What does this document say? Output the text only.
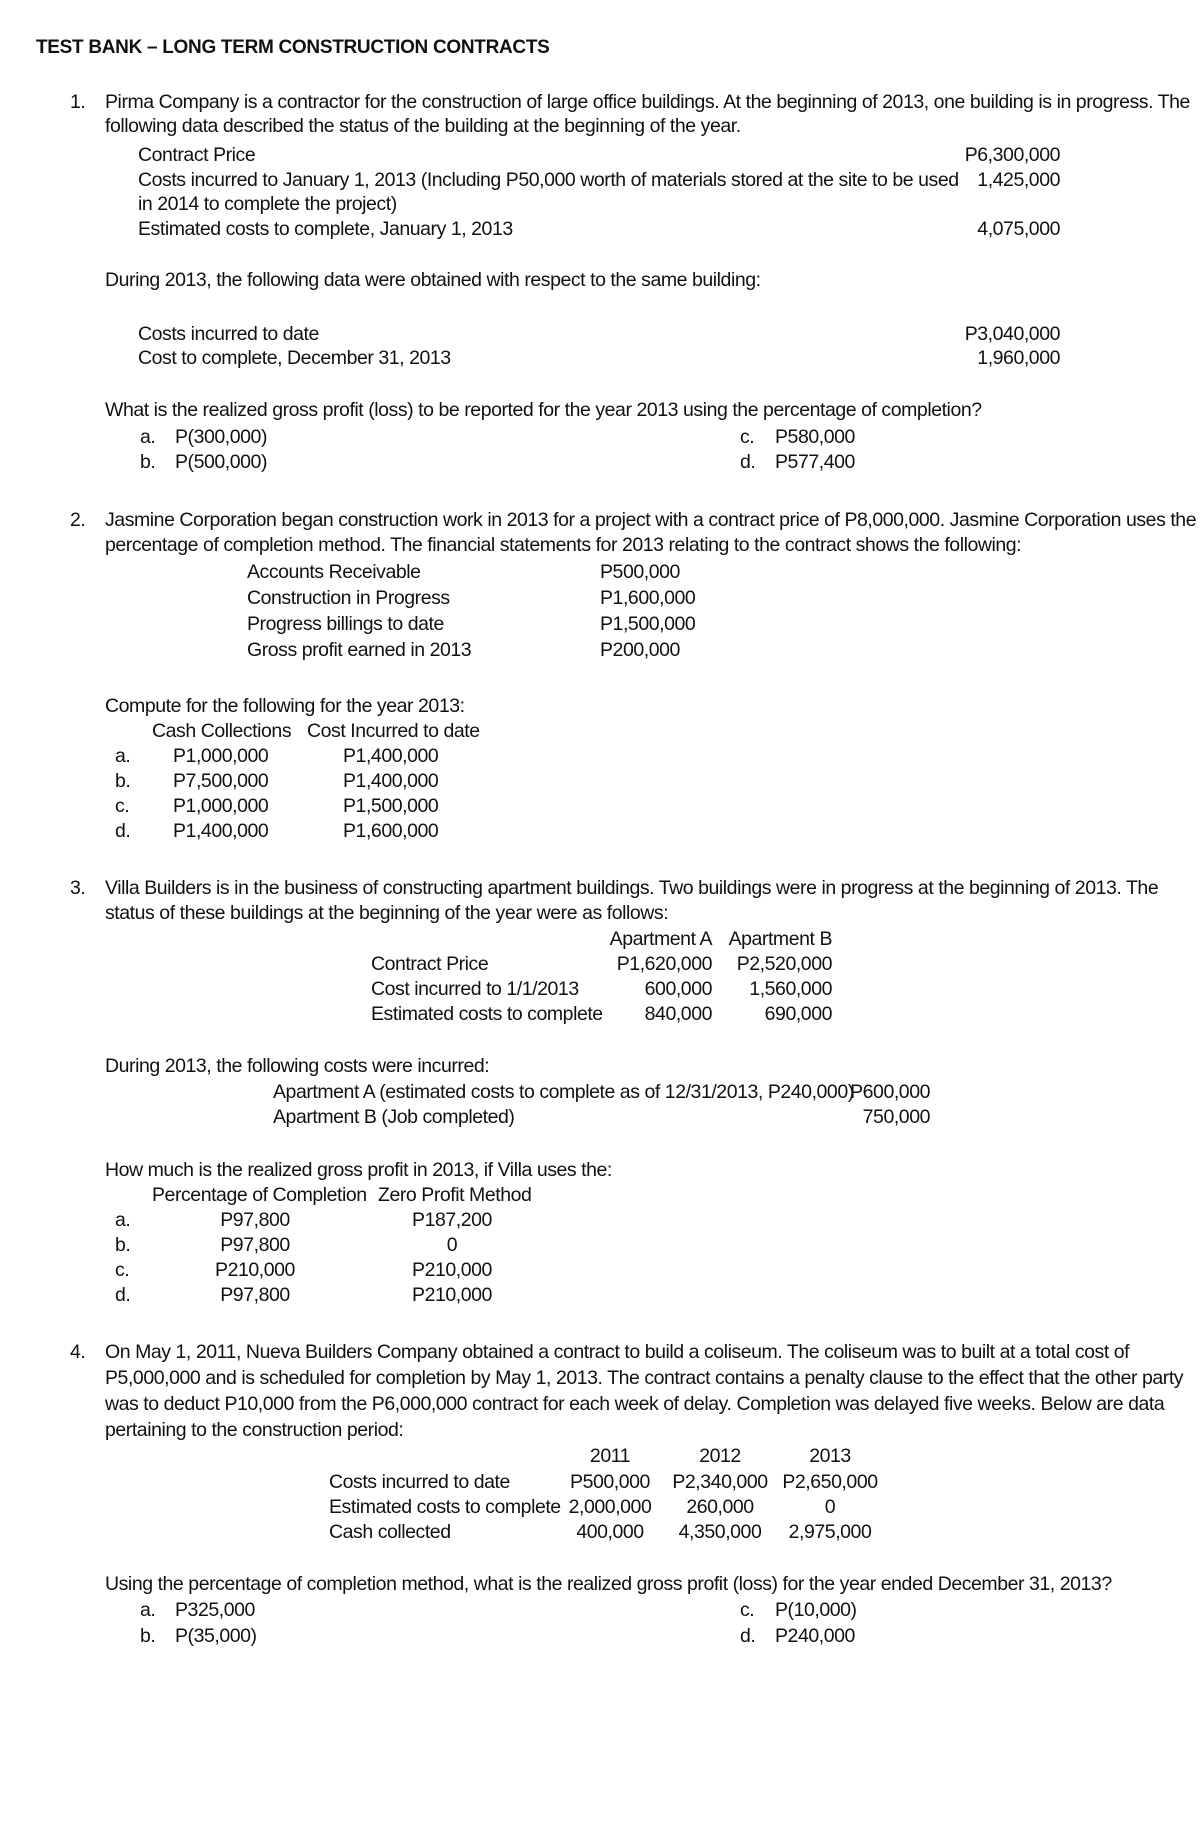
TEST BANK – LONG TERM CONSTRUCTION CONTRACTS
1. Pirma Company is a contractor for the construction of large office buildings. At the beginning of 2013, one building is in progress. The
following data described the status of the building at the beginning of the year.
Contract Price	P6,300,000
Costs incurred to January 1, 2013 (Including P50,000 worth of materials stored at the site to be used
in 2014 to complete the project)
1,425,000
Estimated costs to complete, January 1, 2013	4,075,000
During 2013, the following data were obtained with respect to the same building:
Costs incurred to date	P3,040,000
Cost to complete, December 31, 2013	1,960,000
What is the realized gross profit (loss) to be reported for the year 2013 using the percentage of completion?
a. P(300,000)
b. P(500,000)
c. P580,000
d. P577,400
2. Jasmine Corporation began construction work in 2013 for a project with a contract price of P8,000,000. Jasmine Corporation uses the
percentage of completion method. The financial statements for 2013 relating to the contract shows the following:
Accounts Receivable	P500,000
Construction in Progress	P1,600,000
Progress billings to date	P1,500,000
Gross profit earned in 2013	P200,000
Compute for the following for the year 2013:
Cash Collections Cost Incurred to date
a. P1,000,000	P1,400,000
b. P7,500,000	P1,400,000
c. P1,000,000	P1,500,000
d. P1,400,000	P1,600,000
3. Villa Builders is in the business of constructing apartment buildings. Two buildings were in progress at the beginning of 2013. The
status of these buildings at the beginning of the year were as follows:
Apartment A Apartment B
Contract Price	P1,620,000	P2,520,000
Cost incurred to 1/1/2013	600,000	1,560,000
Estimated costs to complete	840,000	690,000
During 2013, the following costs were incurred:
Apartment A (estimated costs to complete as of 12/31/2013, P240,000)
P600,000
Apartment B (Job completed)	750,000
How much is the realized gross profit in 2013, if Villa uses the:
Percentage of Completion Zero Profit Method
a.	P97,800	P187,200
b.	P97,800	0
c.	P210,000	P210,000
d.	P97,800	P210,000
4. On May 1, 2011, Nueva Builders Company obtained a contract to build a coliseum. The coliseum was to built at a total cost of
P5,000,000 and is scheduled for completion by May 1, 2013. The contract contains a penalty clause to the effect that the other party
was to deduct P10,000 from the P6,000,000 contract for each week of delay. Completion was delayed five weeks. Below are data
pertaining to the construction period:
2011	2012	2013
Costs incurred to date	P500,000	P2,340,000 P2,650,000
Estimated costs to complete 2,000,000	260,000	0
Cash collected	400,000	4,350,000	2,975,000
Using the percentage of completion method, what is the realized gross profit (loss) for the year ended December 31, 2013?
a. P325,000
b. P(35,000)
c. P(10,000)
d. P240,000
